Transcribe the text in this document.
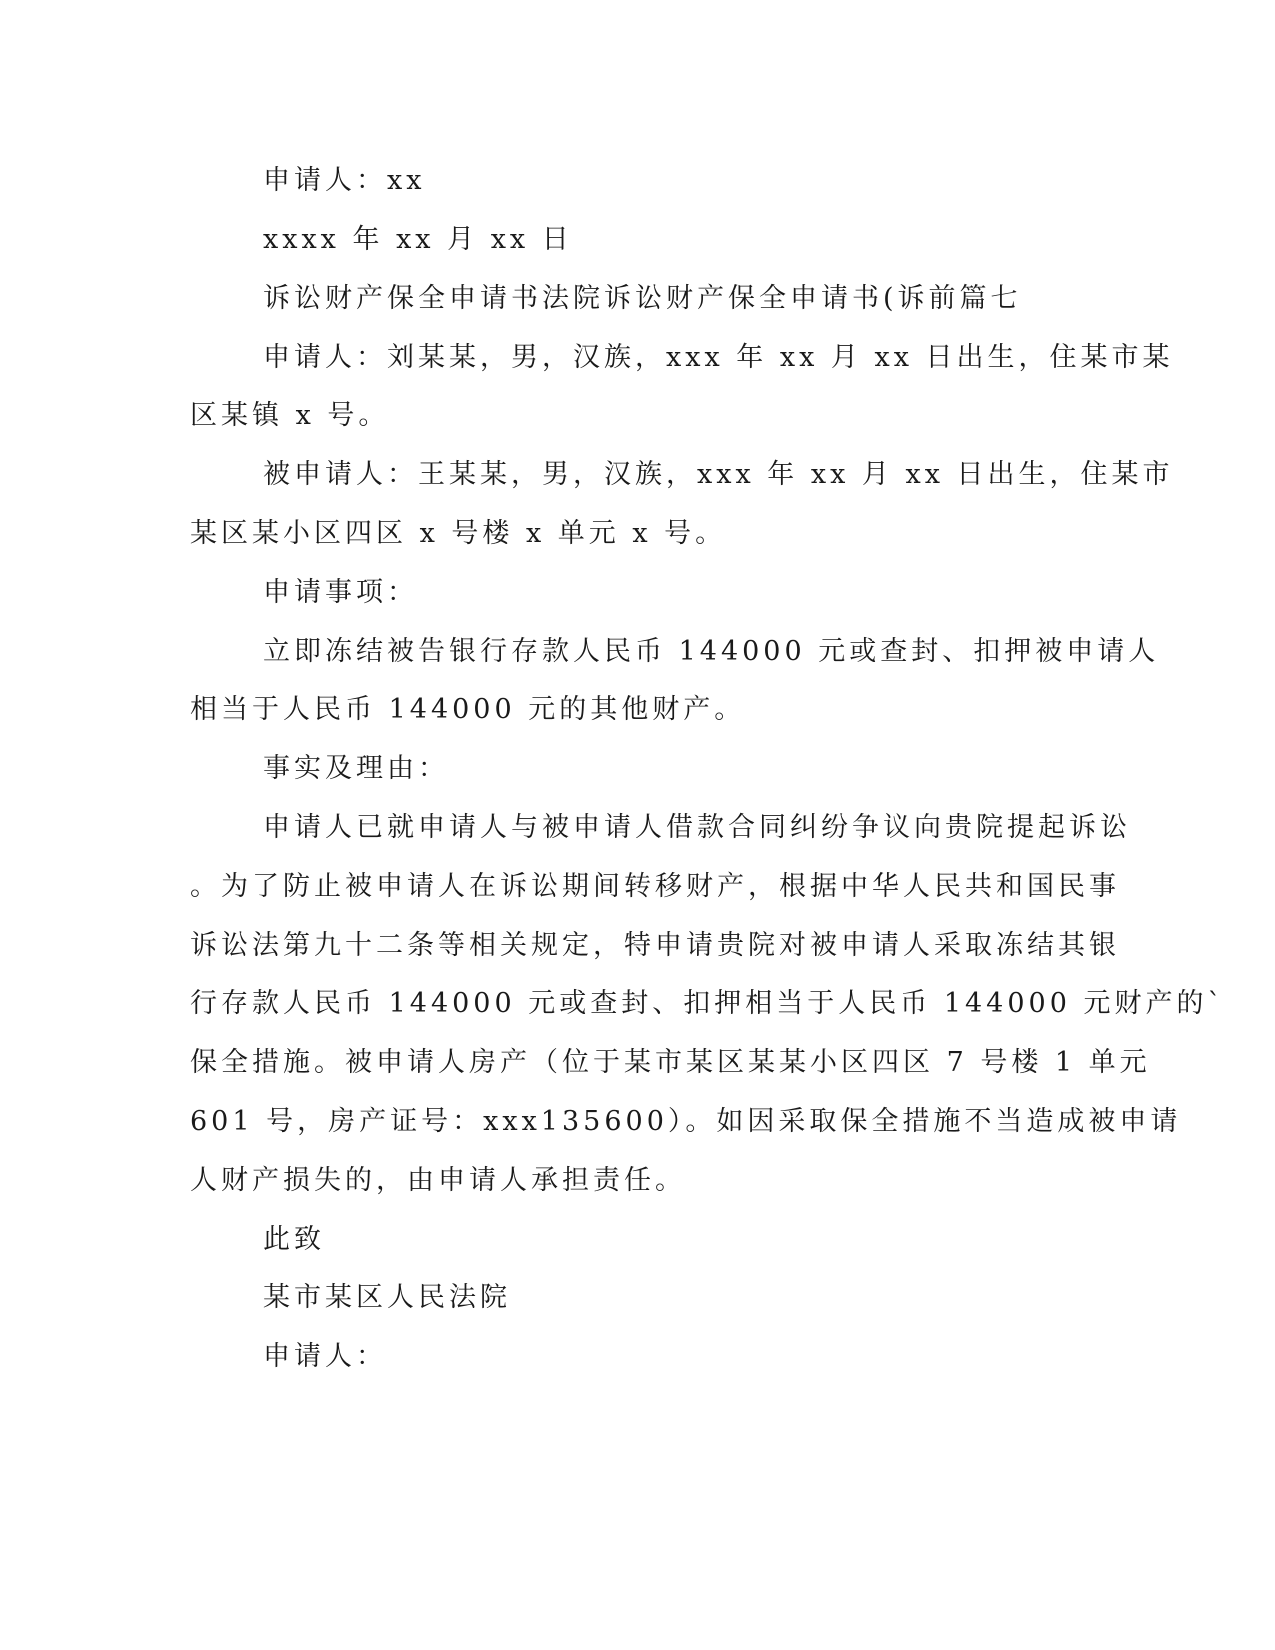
申请人：xx
xxxx 年 xx 月 xx 日
诉讼财产保全申请书法院诉讼财产保全申请书(诉前篇七
申请人：刘某某，男，汉族，xxx 年 xx 月 xx 日出生，住某市某
区某镇 x 号。
被申请人：王某某，男，汉族，xxx 年 xx 月 xx 日出生，住某市
某区某小区四区 x 号楼 x 单元 x 号。
申请事项：
立即冻结被告银行存款人民币 144000 元或查封、扣押被申请人
相当于人民币 144000 元的其他财产。
事实及理由：
申请人已就申请人与被申请人借款合同纠纷争议向贵院提起诉讼
。为了防止被申请人在诉讼期间转移财产，根据中华人民共和国民事
诉讼法第九十二条等相关规定，特申请贵院对被申请人采取冻结其银
行存款人民币 144000 元或查封、扣押相当于人民币 144000 元财产的`
保全措施。被申请人房产（位于某市某区某某小区四区 7 号楼 1 单元
601 号，房产证号：xxx135600）。如因采取保全措施不当造成被申请
人财产损失的，由申请人承担责任。
此致
某市某区人民法院
申请人：
